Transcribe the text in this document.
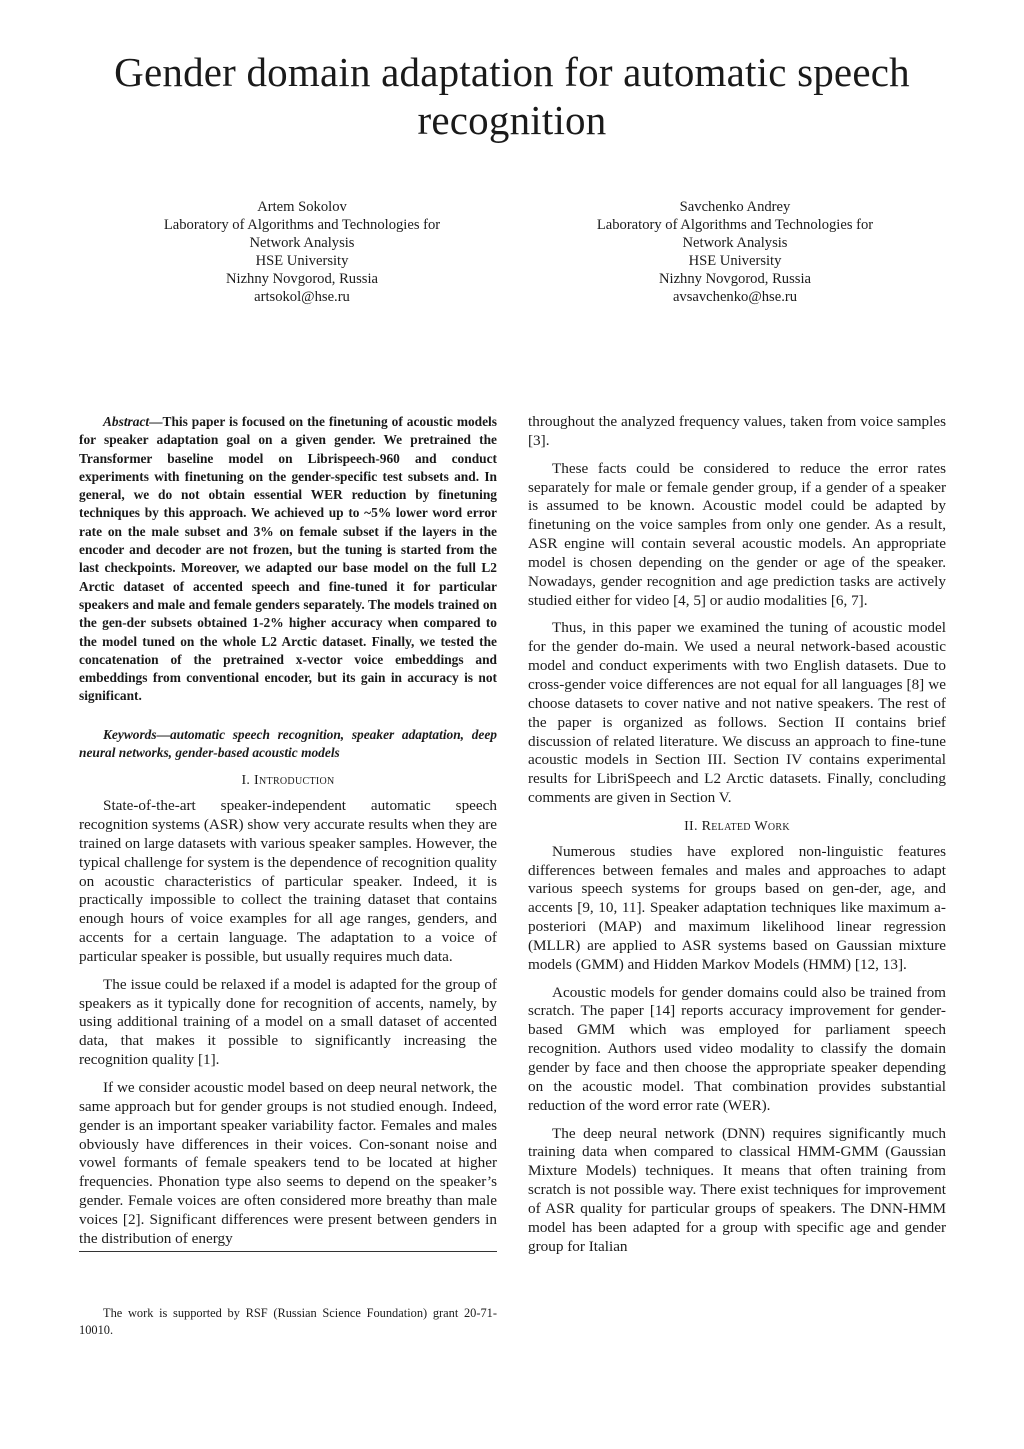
Gender domain adaptation for automatic speech recognition
Artem Sokolov
Laboratory of Algorithms and Technologies for
Network Analysis
HSE University
Nizhny Novgorod, Russia
artsokol@hse.ru
Savchenko Andrey
Laboratory of Algorithms and Technologies for
Network Analysis
HSE University
Nizhny Novgorod, Russia
avsavchenko@hse.ru

Abstract—This paper is focused on the finetuning of acoustic models for speaker adaptation goal on a given gender. We pretrained the Transformer baseline model on Librispeech-960 and conduct experiments with finetuning on the gender-specific test subsets and. In general, we do not obtain essential WER reduction by finetuning techniques by this approach. We achieved up to ~5% lower word error rate on the male subset and 3% on female subset if the layers in the encoder and decoder are not frozen, but the tuning is started from the last checkpoints. Moreover, we adapted our base model on the full L2 Arctic dataset of accented speech and fine-tuned it for particular speakers and male and female genders separately. The models trained on the gen-der subsets obtained 1-2% higher accuracy when compared to the model tuned on the whole L2 Arctic dataset. Finally, we tested the concatenation of the pretrained x-vector voice embeddings and embeddings from conventional encoder, but its gain in accuracy is not significant.

Keywords—automatic speech recognition, speaker adaptation, deep neural networks, gender-based acoustic models

I. Introduction

State-of-the-art speaker-independent automatic speech recognition systems (ASR) show very accurate results when they are trained on large datasets with various speaker samples. However, the typical challenge for system is the dependence of recognition quality on acoustic characteristics of particular speaker. Indeed, it is practically impossible to collect the training dataset that contains enough hours of voice examples for all age ranges, genders, and accents for a certain language. The adaptation to a voice of particular speaker is possible, but usually requires much data.

The issue could be relaxed if a model is adapted for the group of speakers as it typically done for recognition of accents, namely, by using additional training of a model on a small dataset of accented data, that makes it possible to significantly increasing the recognition quality [1].

If we consider acoustic model based on deep neural network, the same approach but for gender groups is not studied enough. Indeed, gender is an important speaker variability factor. Females and males obviously have differences in their voices. Con-sonant noise and vowel formants of female speakers tend to be located at higher frequencies. Phonation type also seems to depend on the speaker’s gender. Female voices are often considered more breathy than male voices [2]. Significant differences were present between genders in the distribution of energy

throughout the analyzed frequency values, taken from voice samples [3].

These facts could be considered to reduce the error rates separately for male or female gender group, if a gender of a speaker is assumed to be known. Acoustic model could be adapted by finetuning on the voice samples from only one gender. As a result, ASR engine will contain several acoustic models. An appropriate model is chosen depending on the gender or age of the speaker. Nowadays, gender recognition and age prediction tasks are actively studied either for video [4, 5] or audio modalities [6, 7].

Thus, in this paper we examined the tuning of acoustic model for the gender do-main. We used a neural network-based acoustic model and conduct experiments with two English datasets. Due to cross-gender voice differences are not equal for all languages [8] we choose datasets to cover native and not native speakers. The rest of the paper is organized as follows. Section II contains brief discussion of related literature. We discuss an approach to fine-tune acoustic models in Section III. Section IV contains experimental results for LibriSpeech and L2 Arctic datasets. Finally, concluding comments are given in Section V.

II. Related Work

Numerous studies have explored non-linguistic features differences between females and males and approaches to adapt various speech systems for groups based on gen-der, age, and accents [9, 10, 11]. Speaker adaptation techniques like maximum a-posteriori (MAP) and maximum likelihood linear regression (MLLR) are applied to ASR systems based on Gaussian mixture models (GMM) and Hidden Markov Models (HMM) [12, 13].

Acoustic models for gender domains could also be trained from scratch. The paper [14] reports accuracy improvement for gender-based GMM which was employed for parliament speech recognition. Authors used video modality to classify the domain gender by face and then choose the appropriate speaker depending on the acoustic model. That combination provides substantial reduction of the word error rate (WER).

The deep neural network (DNN) requires significantly much training data when compared to classical HMM-GMM (Gaussian Mixture Models) techniques. It means that often training from scratch is not possible way. There exist techniques for improvement of ASR quality for particular groups of speakers. The DNN-HMM model has been adapted for a group with specific age and gender group for Italian

The work is supported by RSF (Russian Science Foundation) grant 20-71-10010.
